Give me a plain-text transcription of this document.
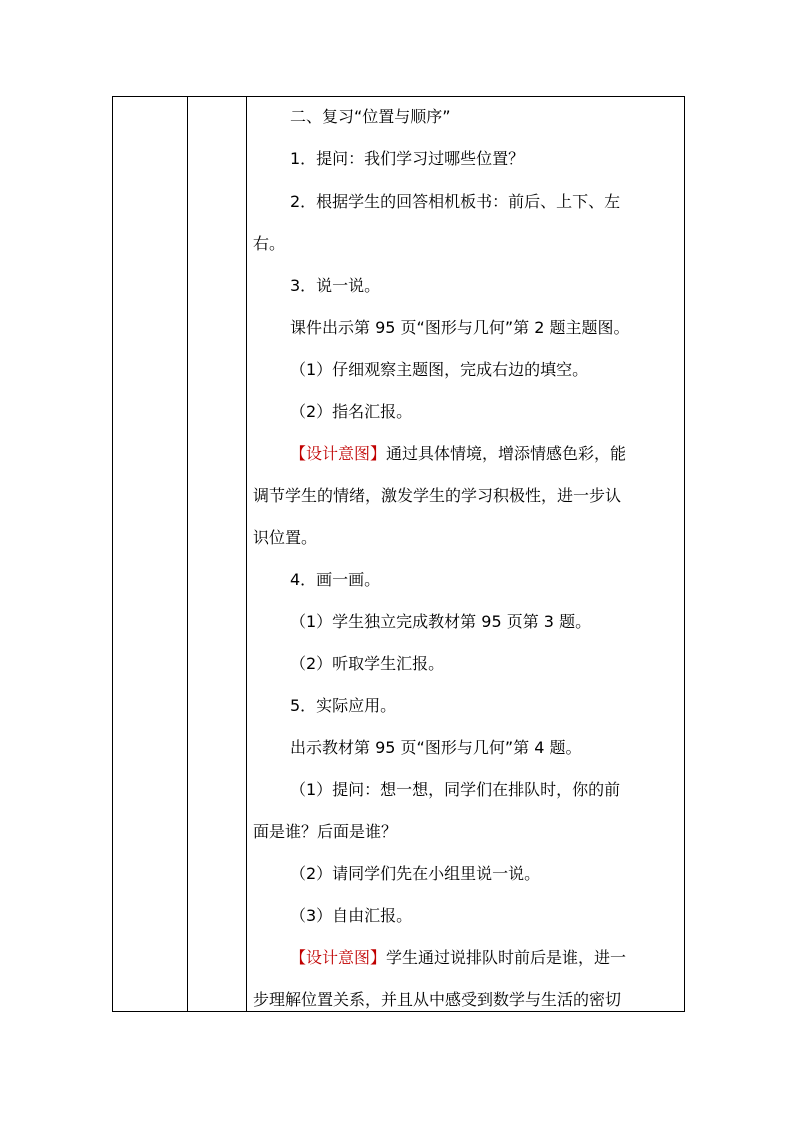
二、复习“位置与顺序”
1．提问：我们学习过哪些位置？
2．根据学生的回答相机板书：前后、上下、左
右。
3．说一说。
课件出示第 95 页“图形与几何”第 2 题主题图。
（1）仔细观察主题图，完成右边的填空。
（2）指名汇报。
【设计意图】通过具体情境，增添情感色彩，能
调节学生的情绪，激发学生的学习积极性，进一步认
识位置。
4．画一画。
（1）学生独立完成教材第 95 页第 3 题。
（2）听取学生汇报。
5．实际应用。
出示教材第 95 页“图形与几何”第 4 题。
（1）提问：想一想，同学们在排队时，你的前
面是谁？后面是谁？
（2）请同学们先在小组里说一说。
（3）自由汇报。
【设计意图】学生通过说排队时前后是谁，进一
步理解位置关系，并且从中感受到数学与生活的密切
